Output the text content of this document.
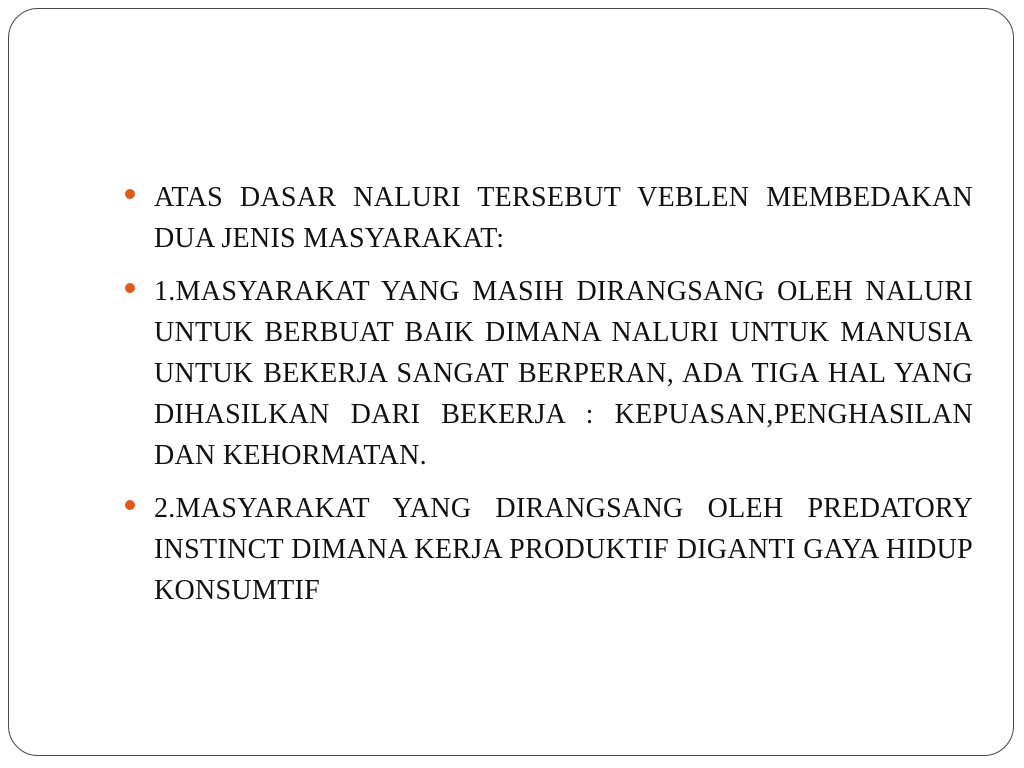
ATAS DASAR NALURI TERSEBUT VEBLEN MEMBEDAKAN DUA JENIS MASYARAKAT:
1.MASYARAKAT YANG MASIH DIRANGSANG OLEH NALURI UNTUK BERBUAT BAIK DIMANA NALURI UNTUK MANUSIA UNTUK BEKERJA SANGAT BERPERAN, ADA TIGA HAL YANG DIHASILKAN DARI BEKERJA : KEPUASAN,PENGHASILAN DAN KEHORMATAN.
2.MASYARAKAT YANG DIRANGSANG OLEH PREDATORY INSTINCT DIMANA KERJA PRODUKTIF DIGANTI GAYA HIDUP KONSUMTIF
